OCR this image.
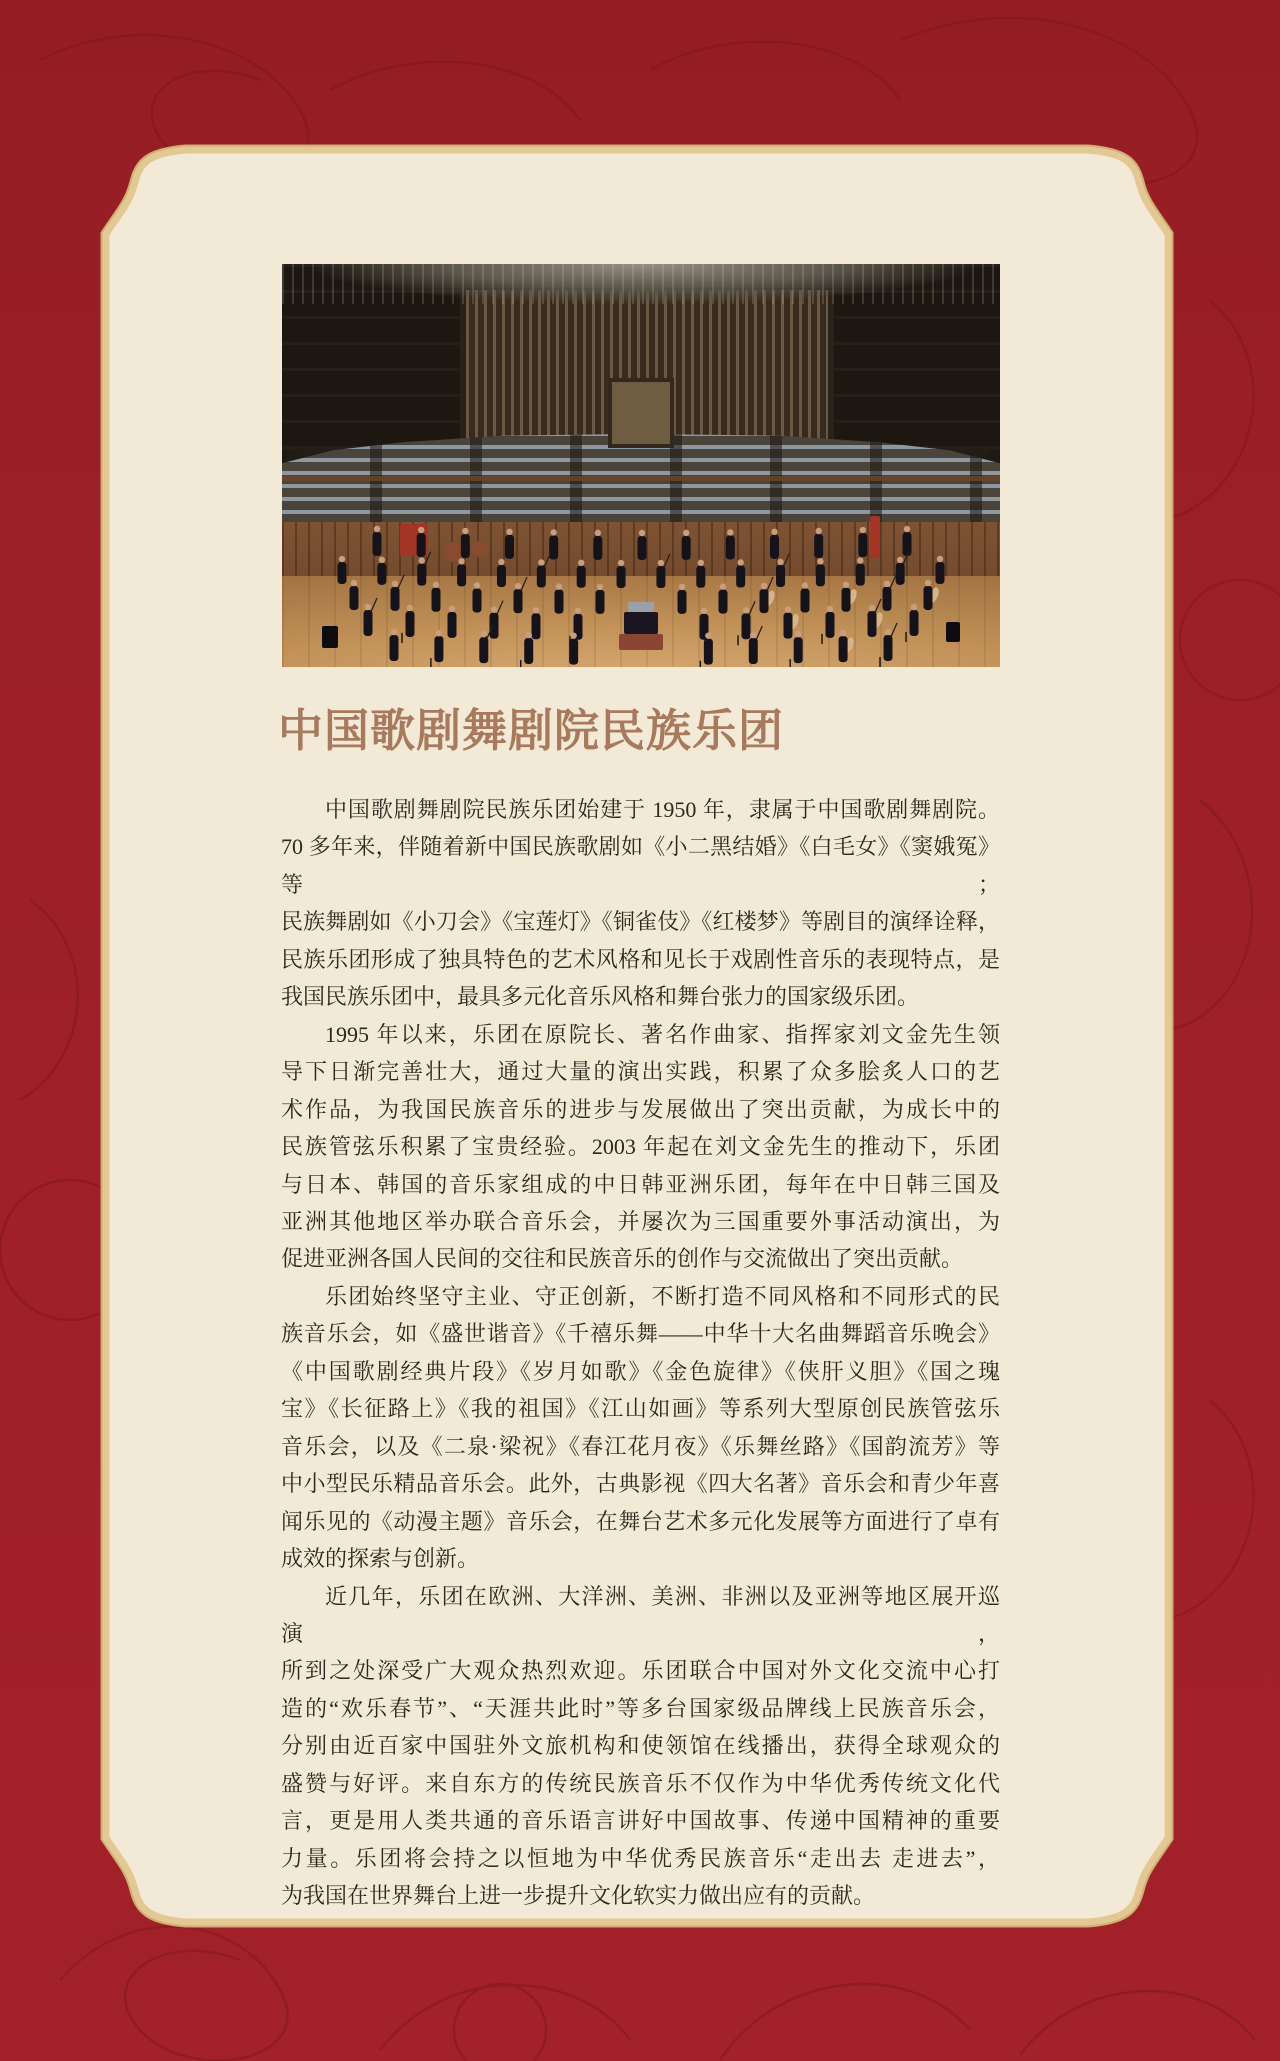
中国歌剧舞剧院民族乐团
中国歌剧舞剧院民族乐团始建于 1950 年，隶属于中国歌剧舞剧院。
70 多年来，伴随着新中国民族歌剧如《小二黑结婚》《白毛女》《窦娥冤》等；
民族舞剧如《小刀会》《宝莲灯》《铜雀伎》《红楼梦》等剧目的演绎诠释，
民族乐团形成了独具特色的艺术风格和见长于戏剧性音乐的表现特点，是
我国民族乐团中，最具多元化音乐风格和舞台张力的国家级乐团。
1995 年以来，乐团在原院长、著名作曲家、指挥家刘文金先生领
导下日渐完善壮大，通过大量的演出实践，积累了众多脍炙人口的艺
术作品，为我国民族音乐的进步与发展做出了突出贡献，为成长中的
民族管弦乐积累了宝贵经验。2003 年起在刘文金先生的推动下，乐团
与日本、韩国的音乐家组成的中日韩亚洲乐团，每年在中日韩三国及
亚洲其他地区举办联合音乐会，并屡次为三国重要外事活动演出，为
促进亚洲各国人民间的交往和民族音乐的创作与交流做出了突出贡献。
乐团始终坚守主业、守正创新，不断打造不同风格和不同形式的民
族音乐会，如《盛世谐音》《千禧乐舞——中华十大名曲舞蹈音乐晚会》
《中国歌剧经典片段》《岁月如歌》《金色旋律》《侠肝义胆》《国之瑰
宝》《长征路上》《我的祖国》《江山如画》等系列大型原创民族管弦乐
音乐会，以及《二泉·梁祝》《春江花月夜》《乐舞丝路》《国韵流芳》等
中小型民乐精品音乐会。此外，古典影视《四大名著》音乐会和青少年喜
闻乐见的《动漫主题》音乐会，在舞台艺术多元化发展等方面进行了卓有
成效的探索与创新。
近几年，乐团在欧洲、大洋洲、美洲、非洲以及亚洲等地区展开巡演，
所到之处深受广大观众热烈欢迎。乐团联合中国对外文化交流中心打
造的“欢乐春节”、“天涯共此时”等多台国家级品牌线上民族音乐会，
分别由近百家中国驻外文旅机构和使领馆在线播出，获得全球观众的
盛赞与好评。来自东方的传统民族音乐不仅作为中华优秀传统文化代
言，更是用人类共通的音乐语言讲好中国故事、传递中国精神的重要
力量。乐团将会持之以恒地为中华优秀民族音乐“走出去 走进去”，
为我国在世界舞台上进一步提升文化软实力做出应有的贡献。
